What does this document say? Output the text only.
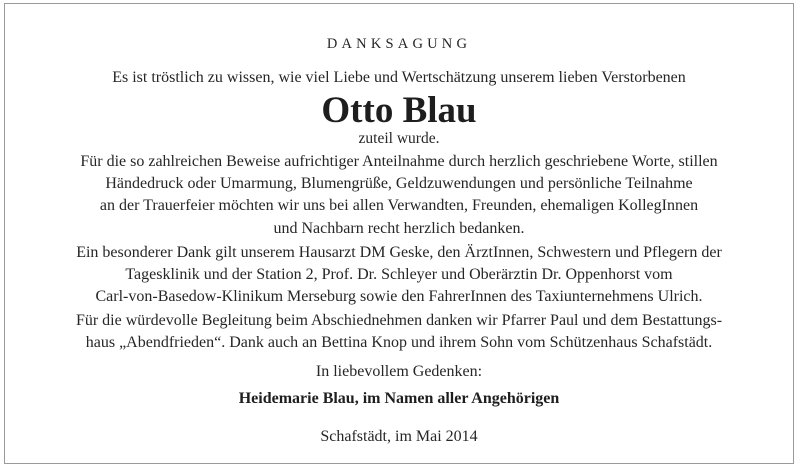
DANKSAGUNG
Es ist tröstlich zu wissen, wie viel Liebe und Wertschätzung unserem lieben Verstorbenen
Otto Blau
zuteil wurde.
Für die so zahlreichen Beweise aufrichtiger Anteilnahme durch herzlich geschriebene Worte, stillen
Händedruck oder Umarmung, Blumengrüße, Geldzuwendungen und persönliche Teilnahme
an der Trauerfeier möchten wir uns bei allen Verwandten, Freunden, ehemaligen KollegInnen
und Nachbarn recht herzlich bedanken.
Ein besonderer Dank gilt unserem Hausarzt DM Geske, den ÄrztInnen, Schwestern und Pflegern der
Tagesklinik und der Station 2, Prof. Dr. Schleyer und Oberärztin Dr. Oppenhorst vom
Carl-von-Basedow-Klinikum Merseburg sowie den FahrerInnen des Taxiunternehmens Ulrich.
Für die würdevolle Begleitung beim Abschiednehmen danken wir Pfarrer Paul und dem Bestattungs-
haus „Abendfrieden“. Dank auch an Bettina Knop und ihrem Sohn vom Schützenhaus Schafstädt.
In liebevollem Gedenken:
Heidemarie Blau, im Namen aller Angehörigen
Schafstädt, im Mai 2014
